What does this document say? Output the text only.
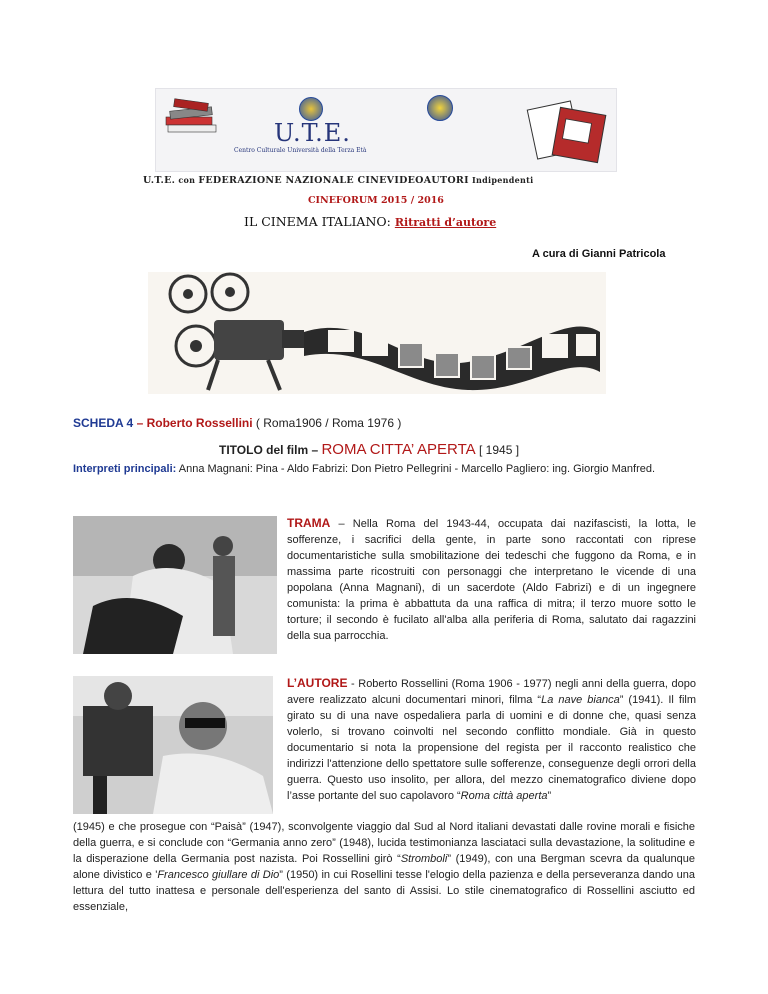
U.T.E.
Centro Culturale Università della Terza Età
U.T.E. con FEDERAZIONE NAZIONALE CINEVIDEOAUTORI Indipendenti
CINEFORUM 2015 / 2016
IL CINEMA ITALIANO: Ritratti d’autore
A cura di Gianni Patricola
SCHEDA 4 – Roberto Rossellini ( Roma1906 / Roma 1976 )
TITOLO del film – ROMA CITTA’ APERTA [ 1945 ]
Interpreti principali: Anna Magnani: Pina - Aldo Fabrizi: Don Pietro Pellegrini - Marcello Pagliero: ing. Giorgio Manfred.
TRAMA – Nella Roma del 1943-44, occupata dai nazifascisti, la lotta, le sofferenze, i sacrifici della gente, in parte sono raccontati con riprese documentaristiche sulla smobilitazione dei tedeschi che fuggono da Roma, e in massima parte ricostruiti con personaggi che interpretano le vicende di una popolana (Anna Magnani), di un sacerdote (Aldo Fabrizi) e di un ingegnere comunista: la prima è abbattuta da una raffica di mitra; il terzo muore sotto le torture; il secondo è fucilato all'alba alla periferia di Roma, salutato dai ragazzini della sua parrocchia.
L’AUTORE - Roberto Rossellini (Roma 1906 - 1977) negli anni della guerra, dopo avere realizzato alcuni documentari minori, filma “La nave bianca” (1941). Il film girato su di una nave ospedaliera parla di uomini e di donne che, quasi senza volerlo, si trovano coinvolti nel secondo conflitto mondiale. Già in questo documentario si nota la propensione del regista per il racconto realistico che indirizzi l'attenzione dello spettatore sulle sofferenze, conseguenze degli orrori della guerra. Questo uso insolito, per allora, del mezzo cinematografico diviene dopo l’asse portante del suo capolavoro “Roma città aperta”
(1945) e che prosegue con “Paisà” (1947), sconvolgente viaggio dal Sud al Nord italiani devastati dalle rovine morali e fisiche della guerra, e si conclude con “Germania anno zero” (1948), lucida testimonianza lasciataci sulla devastazione, la solitudine e la disperazione della Germania post nazista. Poi Rossellini girò “Stromboli” (1949), con una Bergman scevra da qualunque alone divistico e 'Francesco giullare di Dio” (1950) in cui Rosellini tesse l'elogio della pazienza e della perseveranza dando una lettura del tutto inattesa e personale dell'esperienza del santo di Assisi. Lo stile cinematografico di Rossellini asciutto ed essenziale,
